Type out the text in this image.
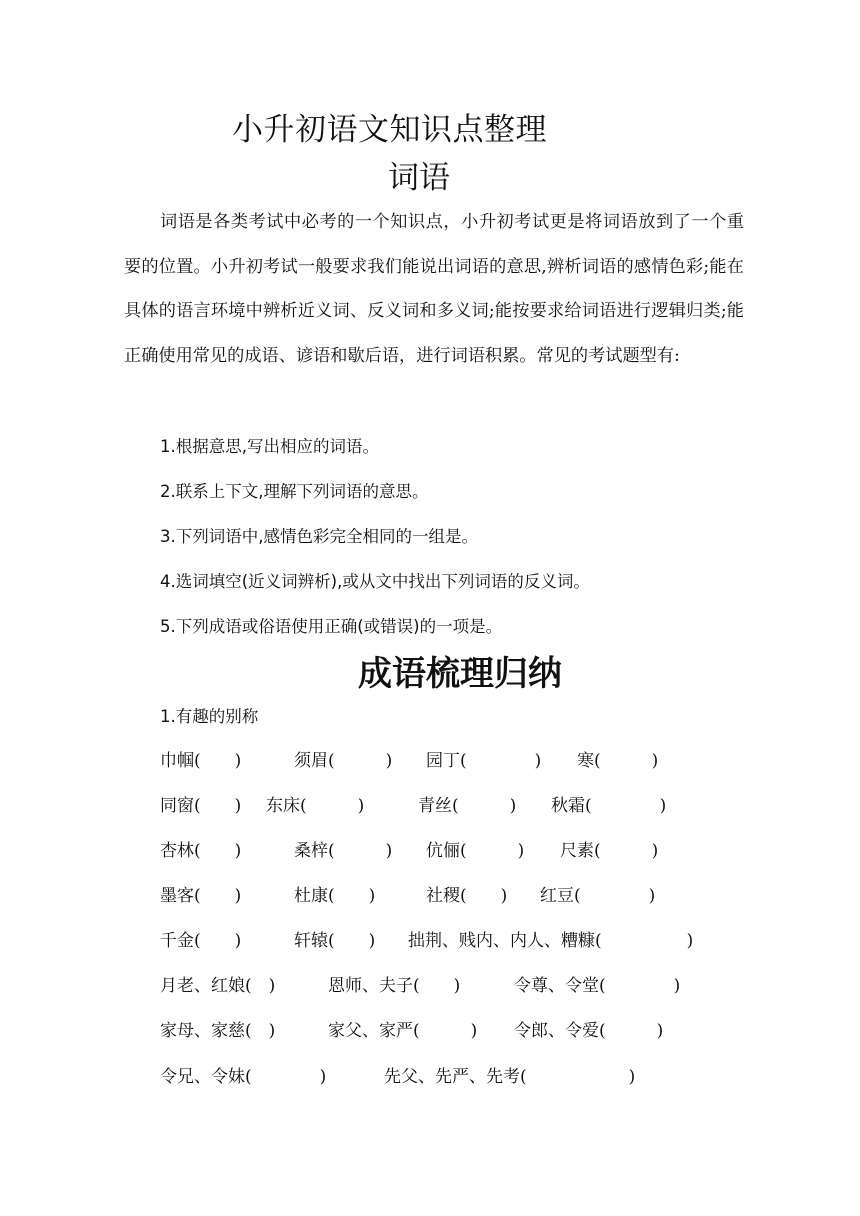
小升初语文知识点整理
词语

词语是各类考试中必考的一个知识点，小升初考试更是将词语放到了一个重要的位置。小升初考试一般要求我们能说出词语的意思,辨析词语的感情色彩;能在具体的语言环境中辨析近义词、反义词和多义词;能按要求给词语进行逻辑归类;能正确使用常见的成语、谚语和歇后语，进行词语积累。常见的考试题型有:

1.根据意思,写出相应的词语。

2.联系上下文,理解下列词语的意思。

3.下列词语中,感情色彩完全相同的一组是。

4.选词填空(近义词辨析),或从文中找出下列词语的反义词。

5.下列成语或俗语使用正确(或错误)的一项是。

成语梳理归纳

1.有趣的别称

巾帼(　　)	须眉(　　　) 园丁(　　　　) 寒(　　　)
同窗(　　) 东床(　　　)	青丝(　　　) 秋霜(　　　　)
杏林(　　)	桑梓(　　　) 伉俪(　　　) 尺素(　　　)
墨客(　　)	杜康(　　)	社稷(　　) 红豆(　　　　)
千金(　　)	轩辕(　　) 拙荆、贱内、内人、糟糠(　　　　　)
月老、红娘(　)	恩师、夫子(　　)	令尊、令堂(　　　　)
家母、家慈(　)	家父、家严(　　　) 令郎、令爱(　　　)
令兄、令妹(　　　　)	先父、先严、先考(　　　　　　)
